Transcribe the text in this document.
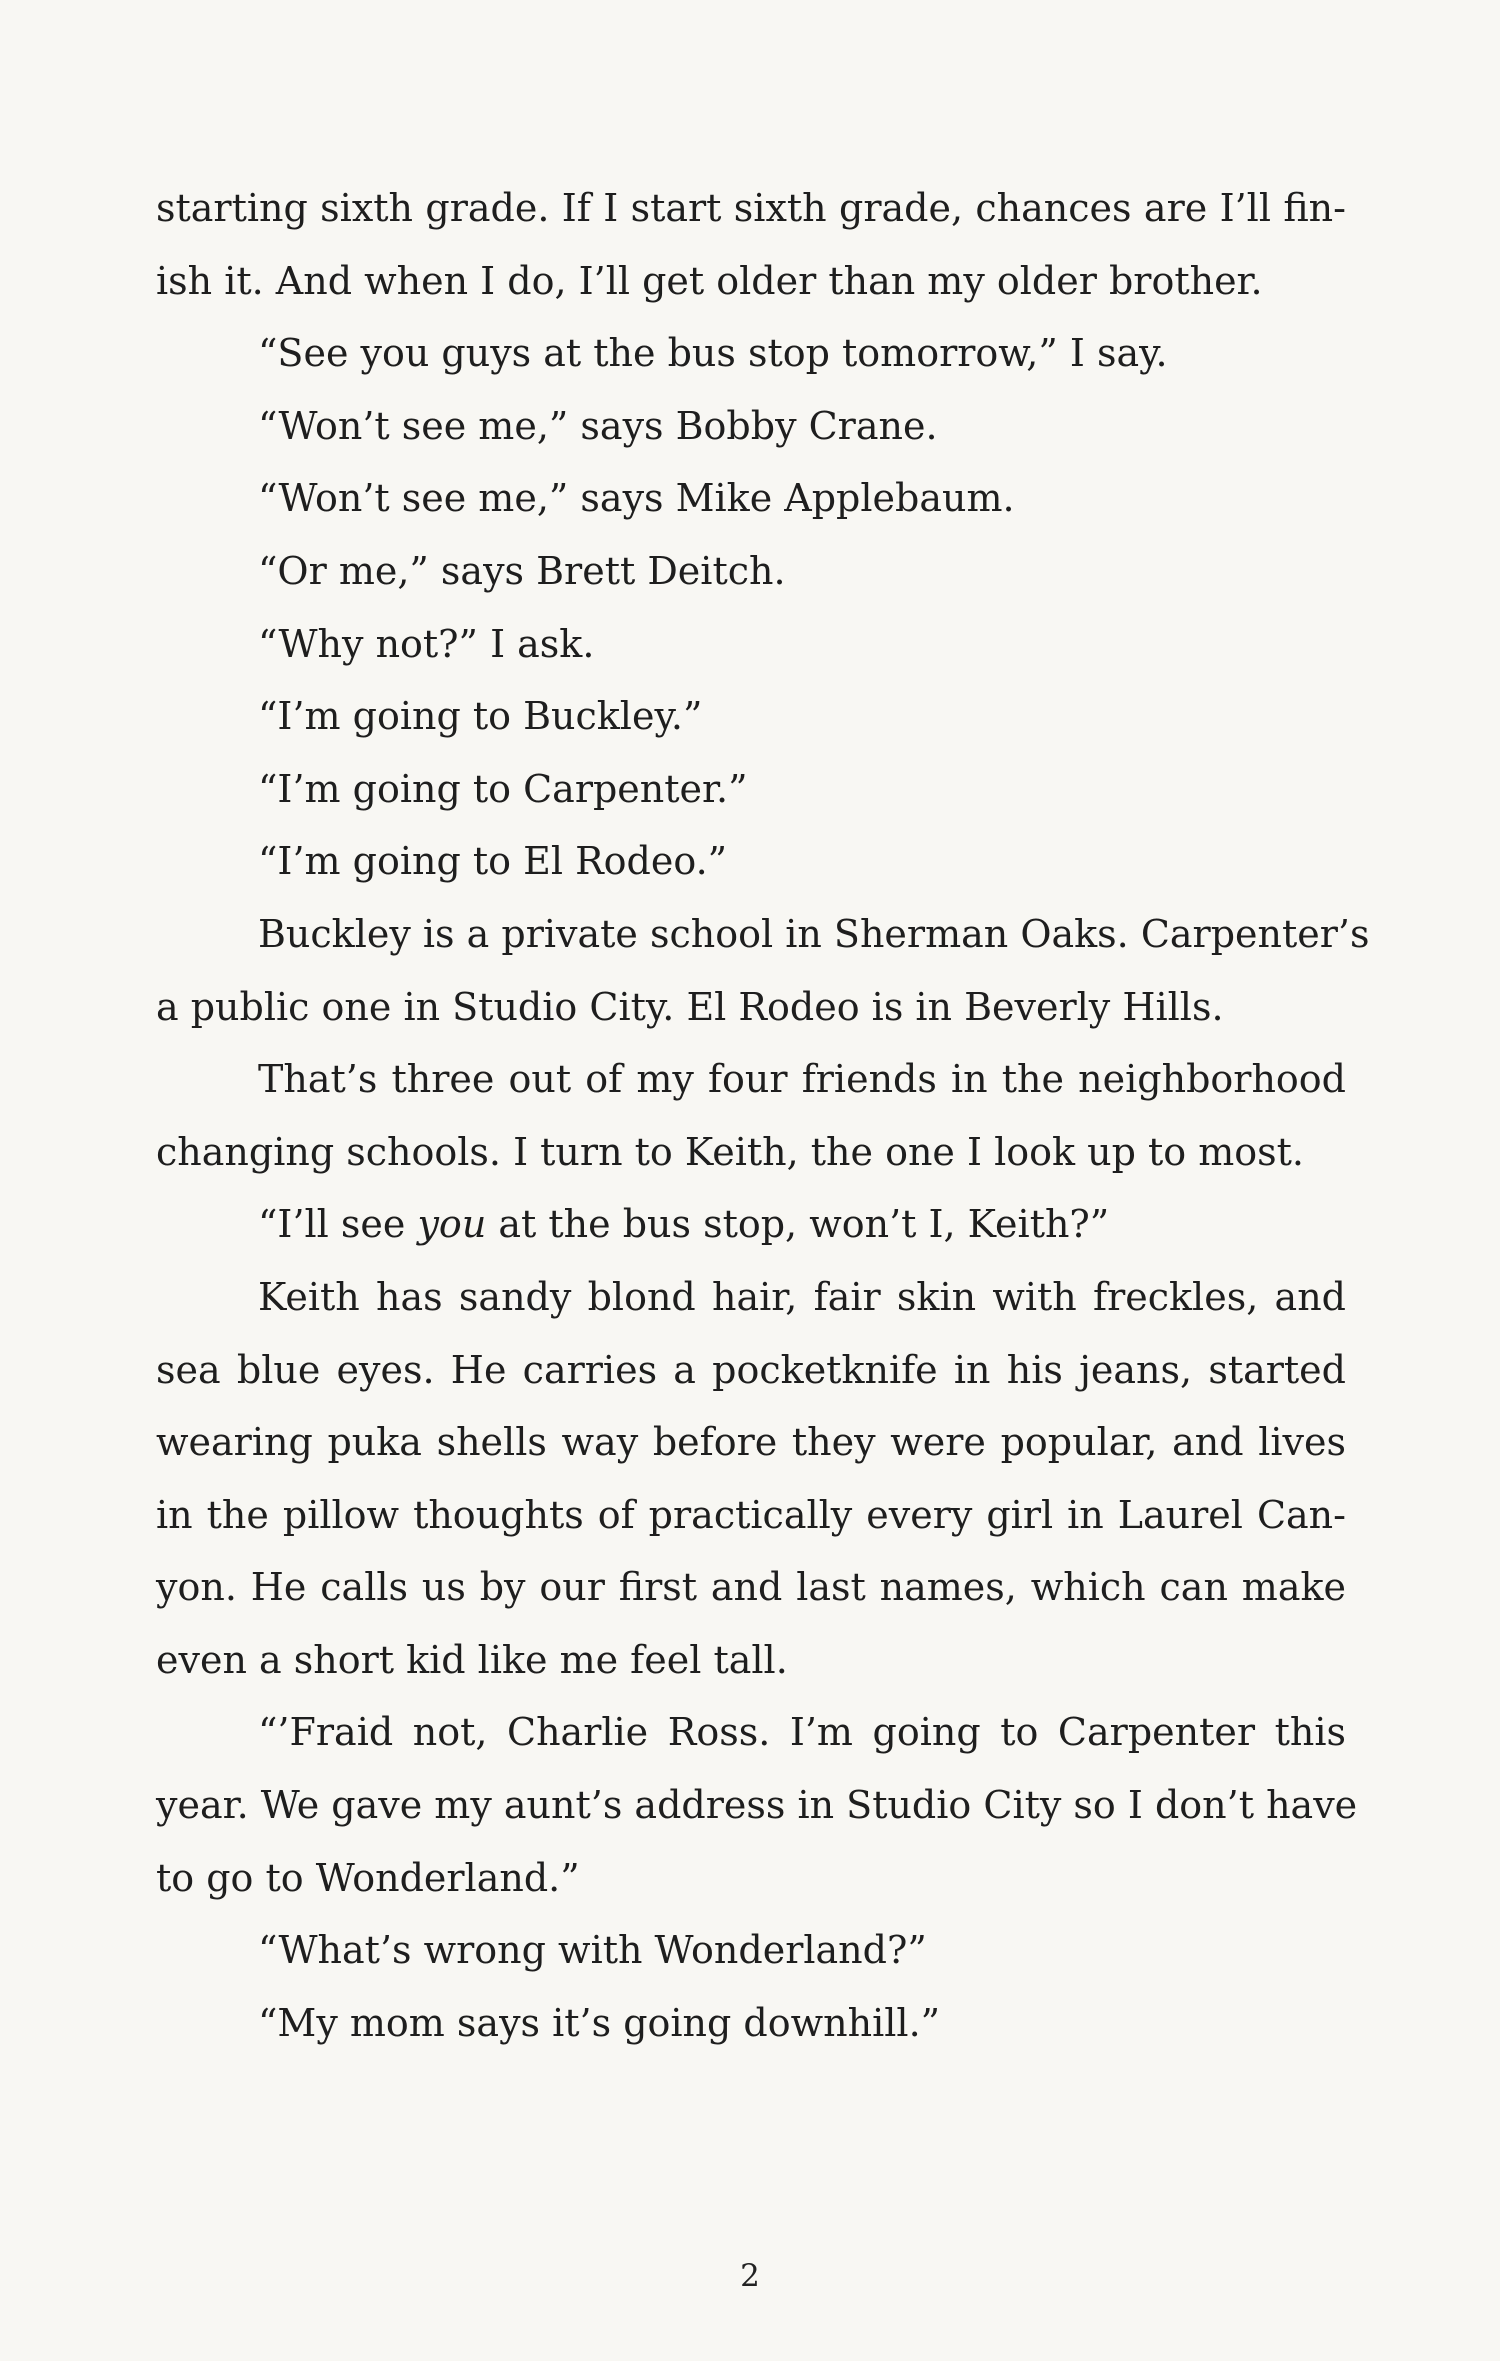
starting sixth grade. If I start sixth grade, chances are I’ll fin-
ish it. And when I do, I’ll get older than my older brother.
“See you guys at the bus stop tomorrow,” I say.
“Won’t see me,” says Bobby Crane.
“Won’t see me,” says Mike Applebaum.
“Or me,” says Brett Deitch.
“Why not?” I ask.
“I’m going to Buckley.”
“I’m going to Carpenter.”
“I’m going to El Rodeo.”
Buckley is a private school in Sherman Oaks. Carpenter’s
a public one in Studio City. El Rodeo is in Beverly Hills.
That’s three out of my four friends in the neighborhood
changing schools. I turn to Keith, the one I look up to most.
“I’ll see you at the bus stop, won’t I, Keith?”
Keith has sandy blond hair, fair skin with freckles, and
sea blue eyes. He carries a pocketknife in his jeans, started
wearing puka shells way before they were popular, and lives
in the pillow thoughts of practically every girl in Laurel Can-
yon. He calls us by our first and last names, which can make
even a short kid like me feel tall.
“’Fraid not, Charlie Ross. I’m going to Carpenter this
year. We gave my aunt’s address in Studio City so I don’t have
to go to Wonderland.”
“What’s wrong with Wonderland?”
“My mom says it’s going downhill.”
2
